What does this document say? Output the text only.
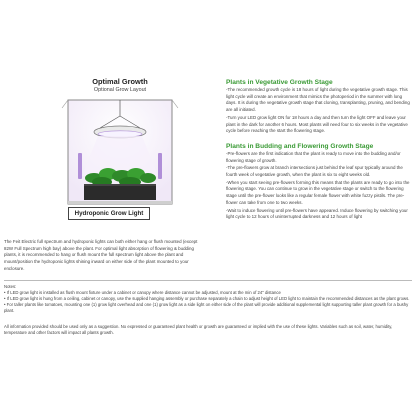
Optimal Growth
Optional Grow Layout
Hydroponic Grow Light
The Feit Electric full spectrum and hydroponic lights can both either hang or flush mounted (except 82W Full Spectrum high bay) above the plant. For optimal light absorption of flowering & budding plants, it is recommended to hang or flush mount the full spectrum light above the plant and mount/position the hydroponic lights shining inward on either side of the plant mounted to your enclosure.
Plants in Vegetative Growth Stage
-The recommended growth cycle is 18 hours of light during the vegetative growth stage. This light cycle will create an environment that mimics the photoperiod in the summer with long days. It is during the vegetative growth stage that cloning, transplanting, pruning, and bending are all initiated.
-Turn your LED grow light ON for 18 hours a day and then turn the light OFF and leave your plant in the dark for another 6 hours. Most plants will need four to six weeks in the vegetative cycle before reaching the start the flowering stage.
Plants in Budding and Flowering Growth Stage
-Pre-flowers are the first indication that the plant is ready to move into the budding and/or flowering stage of growth.
-The pre-flowers grow at branch intersections just behind the leaf spur typically around the fourth week of vegetative growth, when the plant is six to eight weeks old.
-When you start seeing pre-flowers forming this means that the plants are ready to go into the flowering stage. You can continue to grow in the vegetative stage or switch to the flowering stage until the pre-flower looks like a regular female flower with white fuzzy pistils. The pre-flower can take from one to two weeks.
-Wait to induce flowering until pre-flowers have appeared. Induce flowering by switching your light cycle to 12 hours of uninterrupted darkness and 12 hours of light
Notes:
• If LED grow light is installed as flush mount fixture under a cabinet or canopy where distance cannot be adjusted, mount at the min of 24" distance
• If LED grow light is hung from a ceiling, cabinet or canopy, use the supplied hanging assembly or purchase separately a chain to adjust height of LED light to maintain the recommended distances as the plant grows.
• For taller plants like tomatoes, mounting one (1) grow light overhead and one (1) grow light as a side light on either side of the plant will provide additional supplemental light supporting taller plant growth for a bushy plant.
All information provided should be used only as a suggestion. No expressed or guaranteed plant health or growth are guaranteed or implied with the use of these lights. Variables such as soil, water, humidity, temperature and other factors will impact all plants growth.
